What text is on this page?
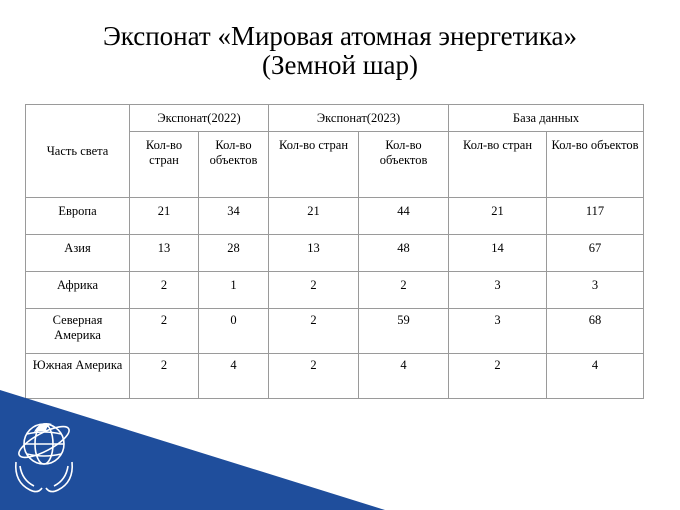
Экспонат «Мировая атомная энергетика»
(Земной шар)
Часть света	Экспонат(2022)		Экспонат(2023)		База данных	
	Кол-во стран	Кол-во объектов	Кол-во стран	Кол-во объектов	Кол-во стран	Кол-во объектов
Европа	21	34	21	44	21	117
Азия	13	28	13	48	14	67
Африка	2	1	2	2	3	3
Северная Америка	2	0	2	59	3	68
Южная Америка	2	4	2	4	2	4
